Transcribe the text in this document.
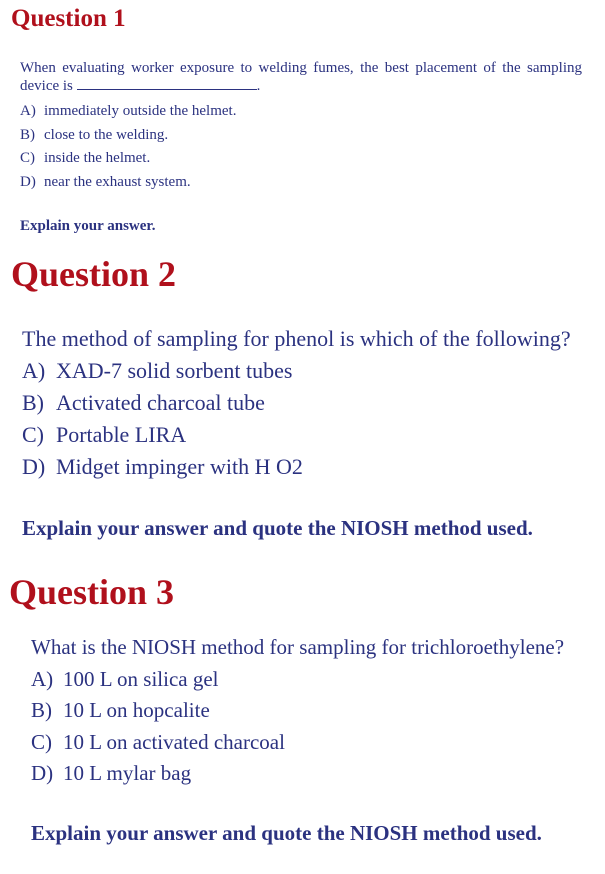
Question 1
When evaluating worker exposure to welding fumes, the best placement of the sampling device is	.
A) immediately outside the helmet.
B) close to the welding.
C) inside the helmet.
D) near the exhaust system.

Explain your answer.

Question 2
The method of sampling for phenol is which of the following?
A) XAD-7 solid sorbent tubes
B) Activated charcoal tube
C) Portable LIRA
D) Midget impinger with H O2

Explain your answer and quote the NIOSH method used.

Question 3
What is the NIOSH method for sampling for trichloroethylene?
A) 100 L on silica gel
B) 10 L on hopcalite
C) 10 L on activated charcoal
D) 10 L mylar bag

Explain your answer and quote the NIOSH method used.
